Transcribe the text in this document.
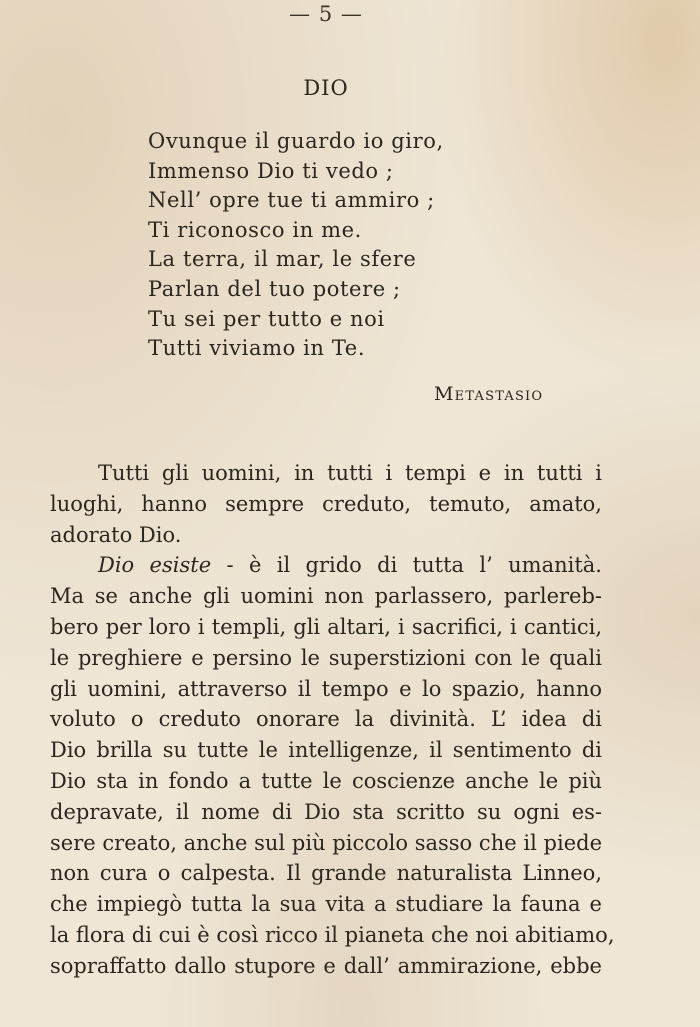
— 5 —
DIO
Ovunque il guardo io giro,
Immenso Dio ti vedo ;
Nell’ opre tue ti ammiro ;
Ti riconosco in me.
La terra, il mar, le sfere
Parlan del tuo potere ;
Tu sei per tutto e noi
Tutti viviamo in Te.
Metastasio
Tutti gli uomini, in tutti i tempi e in tutti i
luoghi, hanno sempre creduto, temuto, amato,
adorato Dio.
Dio esiste - è il grido di tutta l’ umanità.
Ma se anche gli uomini non parlassero, parlereb-
bero per loro i templi, gli altari, i sacrifici, i cantici,
le preghiere e persino le superstizioni con le quali
gli uomini, attraverso il tempo e lo spazio, hanno
voluto o creduto onorare la divinità. L’ idea di
Dio brilla su tutte le intelligenze, il sentimento di
Dio sta in fondo a tutte le coscienze anche le più
depravate, il nome di Dio sta scritto su ogni es-
sere creato, anche sul più piccolo sasso che il piede
non cura o calpesta. Il grande naturalista Linneo,
che impiegò tutta la sua vita a studiare la fauna e
la flora di cui è così ricco il pianeta che noi abitiamo,
sopraffatto dallo stupore e dall’ ammirazione, ebbe
